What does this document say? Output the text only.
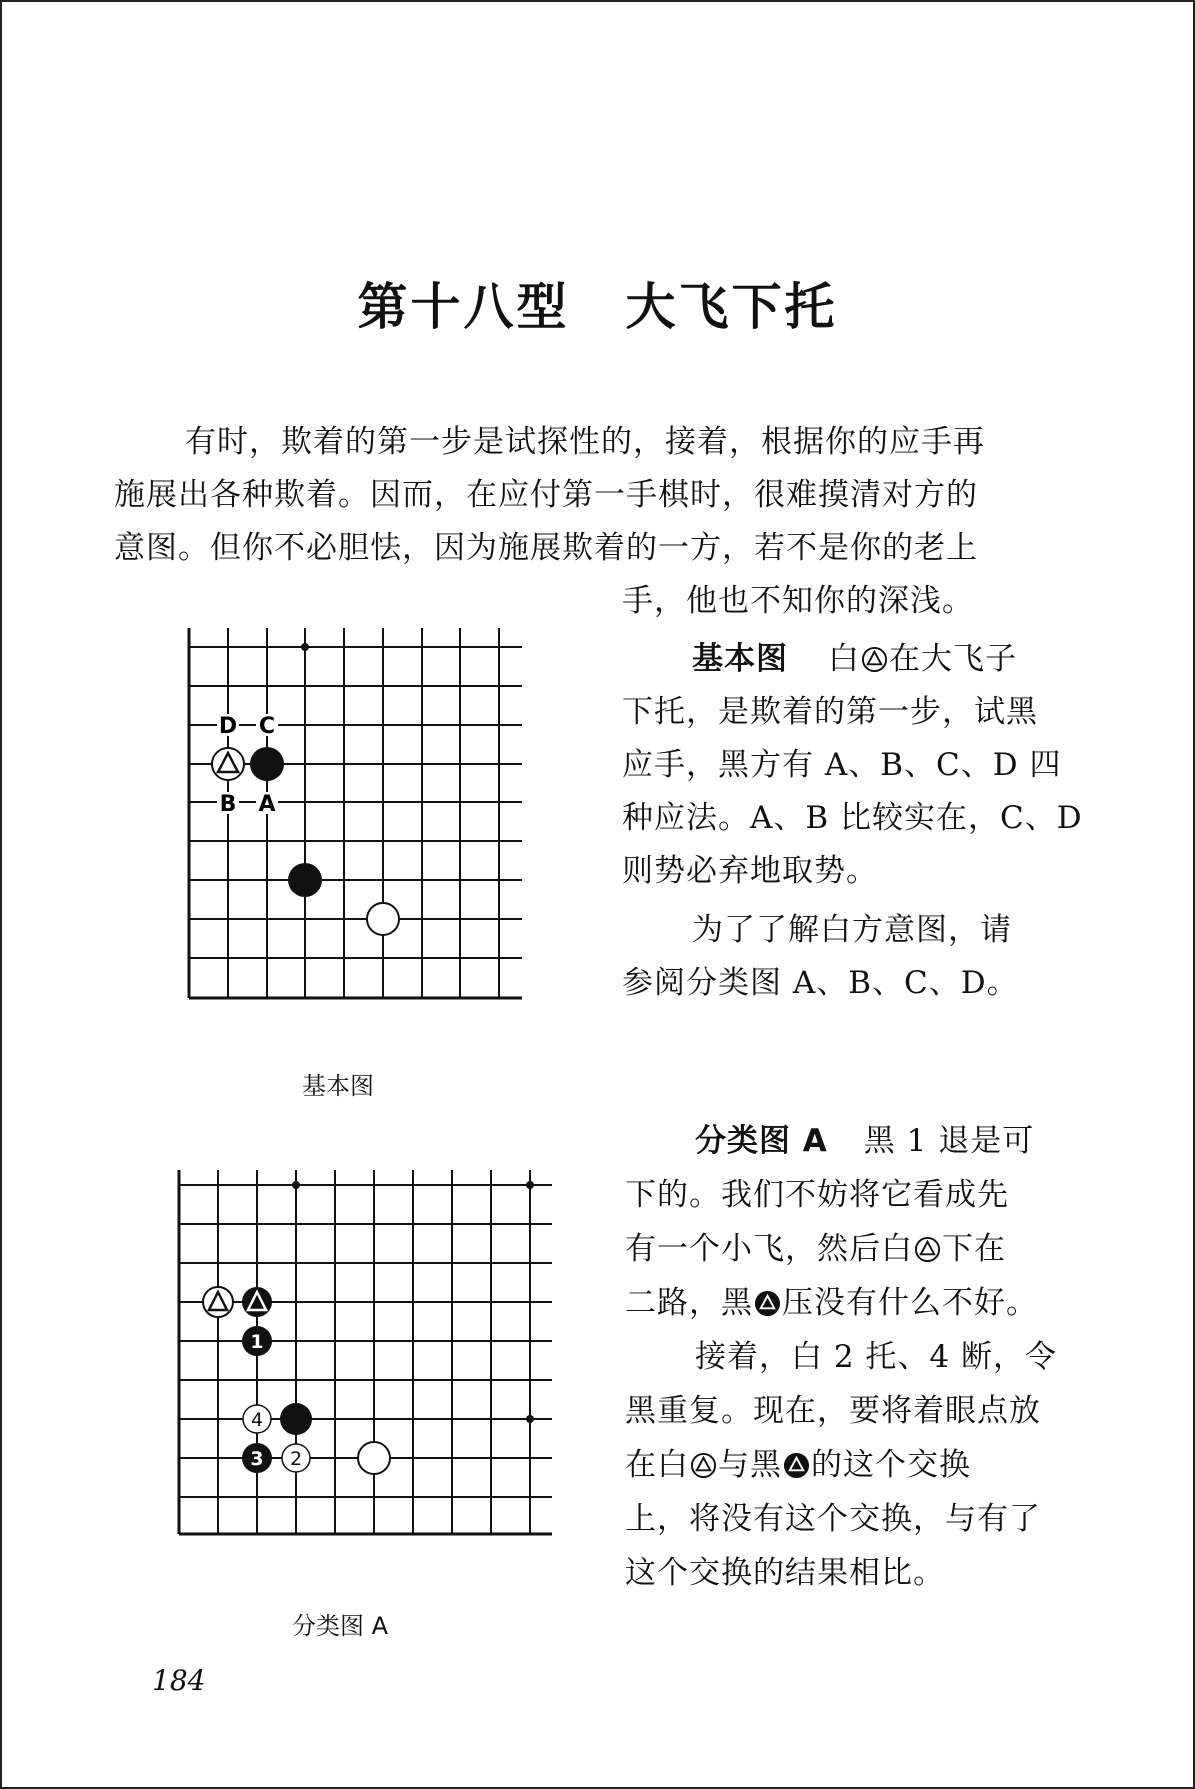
第十八型 大飞下托
有时，欺着的第一步是试探性的，接着，根据你的应手再
施展出各种欺着。因而，在应付第一手棋时，很难摸清对方的
意图。但你不必胆怯，因为施展欺着的一方，若不是你的老上
手，他也不知你的深浅。
D C
B A
基本图
基本图 白 在大飞子
下托，是欺着的第一步，试黑
应手，黑方有 A、B、C、D 四
种应法。A、B 比较实在，C、D
则势必弃地取势。
为了了解白方意图，请
参阅分类图 A、B、C、D。
1
4
3 2
分类图 A
分类图 A 黑 1 退是可
下的。我们不妨将它看成先
有一个小飞，然后白 下在
二路，黑 压没有什么不好。
接着，白 2 托、4 断，令
黑重复。现在，要将着眼点放
在白 与黑 的这个交换
上，将没有这个交换，与有了
这个交换的结果相比。
184
